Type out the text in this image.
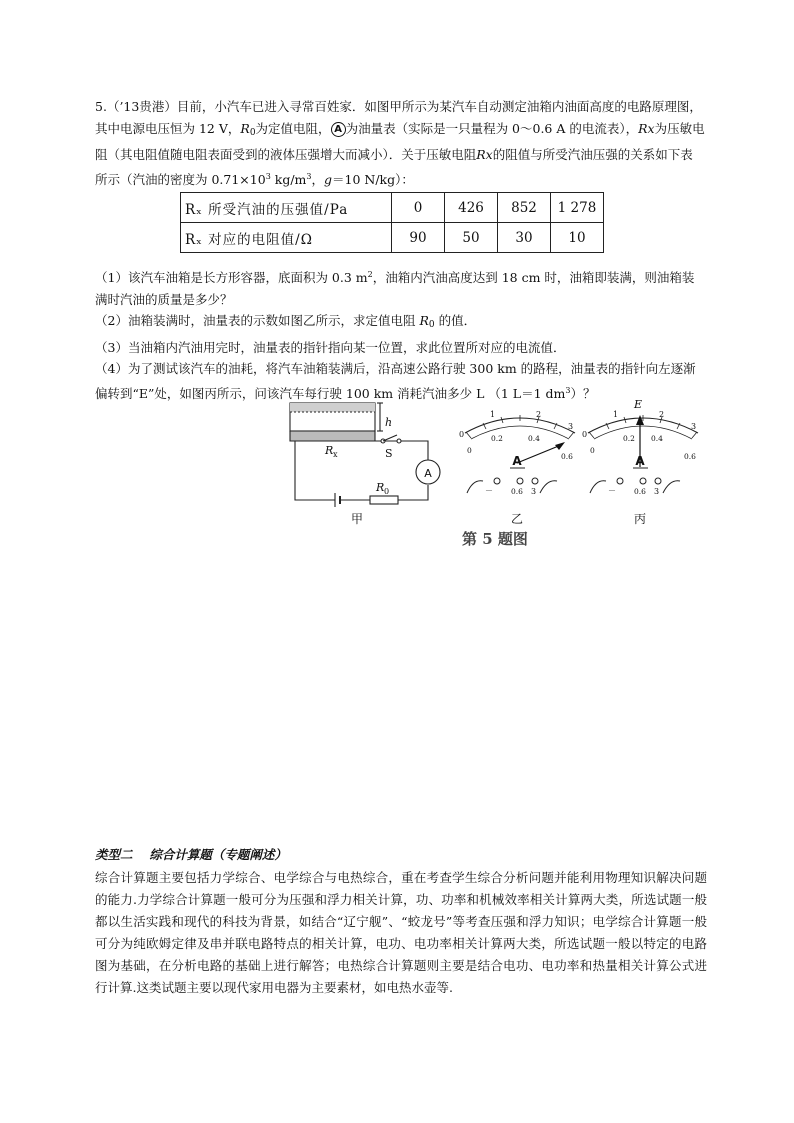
5.（’13贵港）目前，小汽车已进入寻常百姓家．如图甲所示为某汽车自动测定油箱内油面高度的电路原理图，其中电源电压恒为 12 V，$R_0$为定值电阻， A 为油量表（实际是一只量程为 0～0.6 A 的电流表），Rx为压敏电阻（其电阻值随电阻表面受到的液体压强增大而减小）．关于压敏电阻Rx的阻值与所受汽油压强的关系如下表所示（汽油的密度为 $0.71\times 10^3$ $kg/m^3$，g＝10 N/kg）：

Rₓ 所受汽油的压强值/Pa	0	426	852	1 278
Rₓ 对应的电阻值/Ω	90	50	30	10

（1）该汽车油箱是长方形容器，底面积为 0.3 $m^2$，油箱内汽油高度达到 18 cm 时，油箱即装满，则油箱装满时汽油的质量是多少？

（2）油箱装满时，油量表的示数如图乙所示，求定值电阻 $R_0$ 的值．

（3）当油箱内汽油用完时，油量表的指针指向某一位置，求此位置所对应的电流值．

（4）为了测试该汽车的油耗，将汽车油箱装满后，沿高速公路行驶 300 km 的路程，油量表的指针向左逐渐偏转到“E”处，如图丙所示，问该汽车每行驶 100 km 消耗汽油多少 L （1 L＝1 $dm^3$）？

A
h
R x	S
R 0
甲
0
1	2
3
0
0.2	0.4
0.6
A
－ 0.6 3
乙
E
0
1	2
3
0
0.2 0.4
0.6
A
－ 0.6 3
丙
第 5 题图
类型二　 综合计算题（专题阐述）

综合计算题主要包括力学综合、电学综合与电热综合，重在考查学生综合分析问题并能利用物理知识解决问题的能力.力学综合计算题一般可分为压强和浮力相关计算，功、功率和机械效率相关计算两大类，所选试题一般都以生活实践和现代的科技为背景，如结合“辽宁舰”、“蛟龙号”等考查压强和浮力知识；电学综合计算题一般可分为纯欧姆定律及串并联电路特点的相关计算，电功、电功率相关计算两大类，所选试题一般以特定的电路图为基础，在分析电路的基础上进行解答；电热综合计算题则主要是结合电功、电功率和热量相关计算公式进行计算.这类试题主要以现代家用电器为主要素材，如电热水壶等.
